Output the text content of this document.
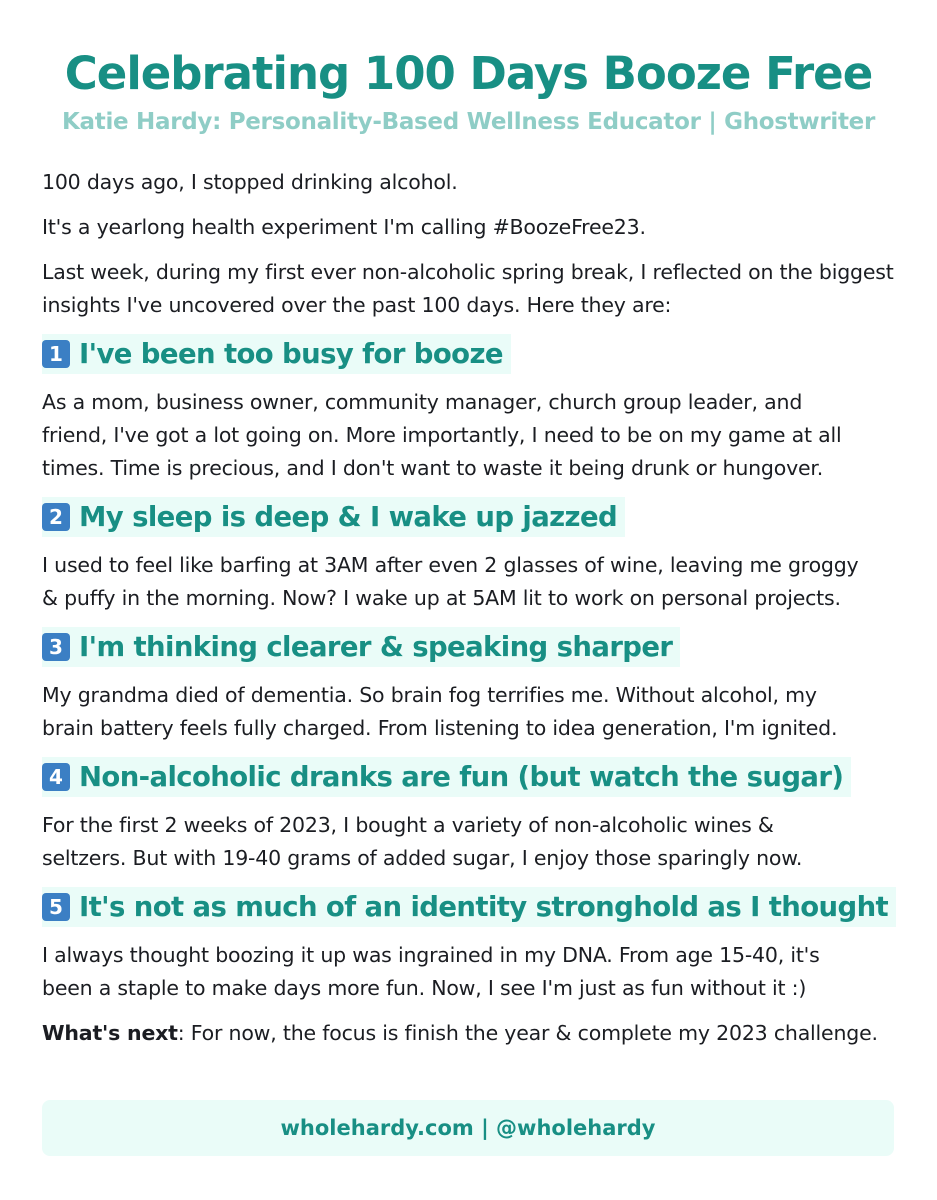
Celebrating 100 Days Booze Free
Katie Hardy: Personality-Based Wellness Educator | Ghostwriter

100 days ago, I stopped drinking alcohol.

It's a yearlong health experiment I'm calling #BoozeFree23.

Last week, during my first ever non-alcoholic spring break, I reflected on the biggest insights I've uncovered over the past 100 days. Here they are:

1 I've been too busy for booze

As a mom, business owner, community manager, church group leader, and
friend, I've got a lot going on. More importantly, I need to be on my game at all
times. Time is precious, and I don't want to waste it being drunk or hungover.

2 My sleep is deep & I wake up jazzed

I used to feel like barfing at 3AM after even 2 glasses of wine, leaving me groggy
& puffy in the morning. Now? I wake up at 5AM lit to work on personal projects.

3 I'm thinking clearer & speaking sharper

My grandma died of dementia. So brain fog terrifies me. Without alcohol, my
brain battery feels fully charged. From listening to idea generation, I'm ignited.

4 Non-alcoholic dranks are fun (but watch the sugar)

For the first 2 weeks of 2023, I bought a variety of non-alcoholic wines &
seltzers. But with 19-40 grams of added sugar, I enjoy those sparingly now.

5 It's not as much of an identity stronghold as I thought

I always thought boozing it up was ingrained in my DNA. From age 15-40, it's
been a staple to make days more fun. Now, I see I'm just as fun without it :)

What's next: For now, the focus is finish the year & complete my 2023 challenge.

wholehardy.com | @wholehardy
